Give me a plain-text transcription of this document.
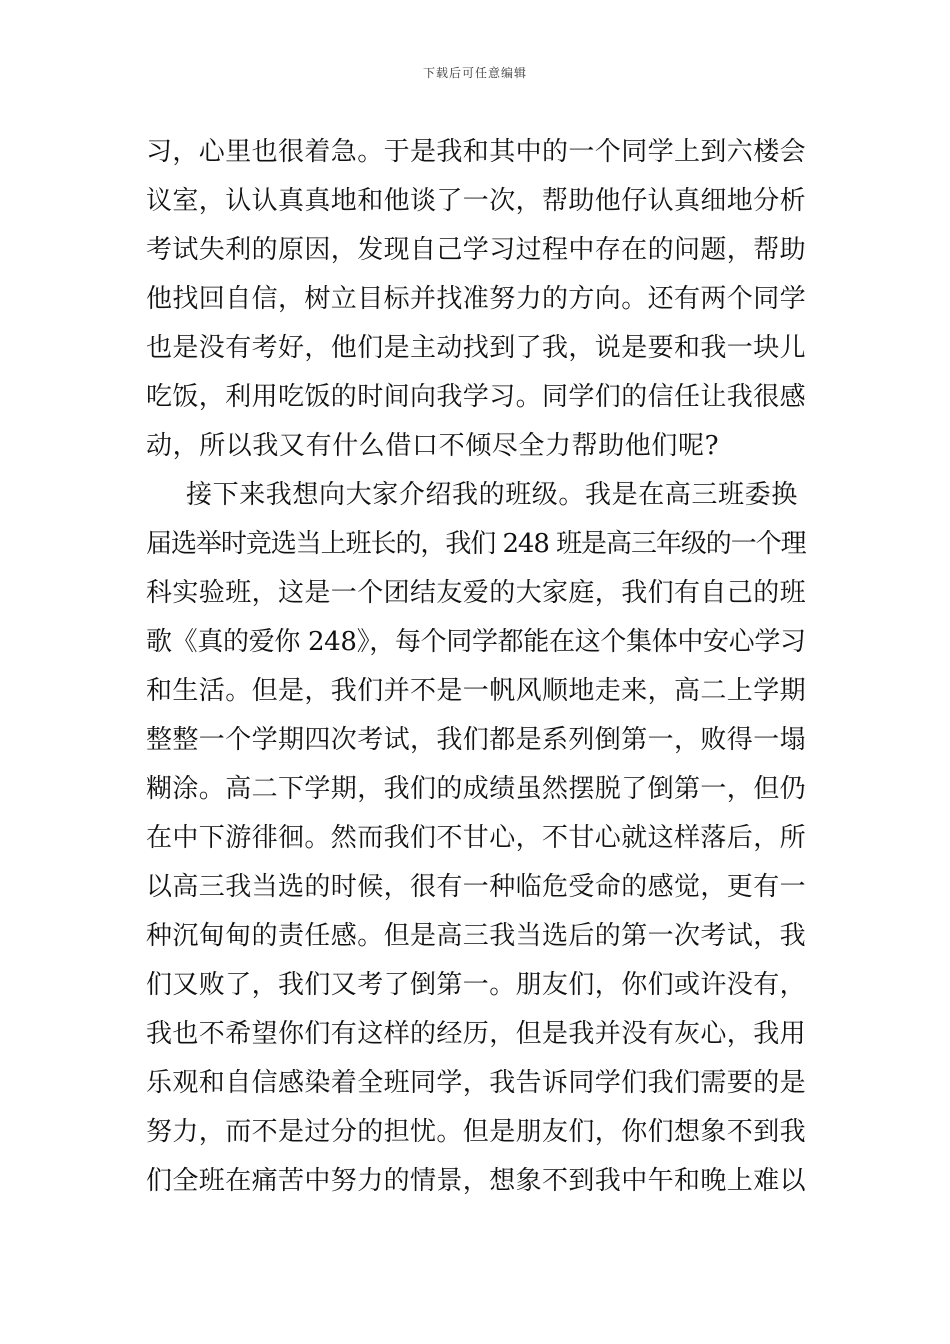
下载后可任意编辑
习，心里也很着急。于是我和其中的一个同学上到六楼会
议室，认认真真地和他谈了一次，帮助他仔认真细地分析
考试失利的原因，发现自己学习过程中存在的问题，帮助
他找回自信，树立目标并找准努力的方向。还有两个同学
也是没有考好，他们是主动找到了我，说是要和我一块儿
吃饭，利用吃饭的时间向我学习。同学们的信任让我很感
动，所以我又有什么借口不倾尽全力帮助他们呢?
接下来我想向大家介绍我的班级。我是在高三班委换
届选举时竞选当上班长的，我们 248 班是高三年级的一个理
科实验班，这是一个团结友爱的大家庭，我们有自己的班
歌《真的爱你 248》，每个同学都能在这个集体中安心学习
和生活。但是，我们并不是一帆风顺地走来，高二上学期
整整一个学期四次考试，我们都是系列倒第一，败得一塌
糊涂。高二下学期，我们的成绩虽然摆脱了倒第一，但仍
在中下游徘徊。然而我们不甘心，不甘心就这样落后，所
以高三我当选的时候，很有一种临危受命的感觉，更有一
种沉甸甸的责任感。但是高三我当选后的第一次考试，我
们又败了，我们又考了倒第一。朋友们，你们或许没有，
我也不希望你们有这样的经历，但是我并没有灰心，我用
乐观和自信感染着全班同学，我告诉同学们我们需要的是
努力，而不是过分的担忧。但是朋友们，你们想象不到我
们全班在痛苦中努力的情景，想象不到我中午和晚上难以
